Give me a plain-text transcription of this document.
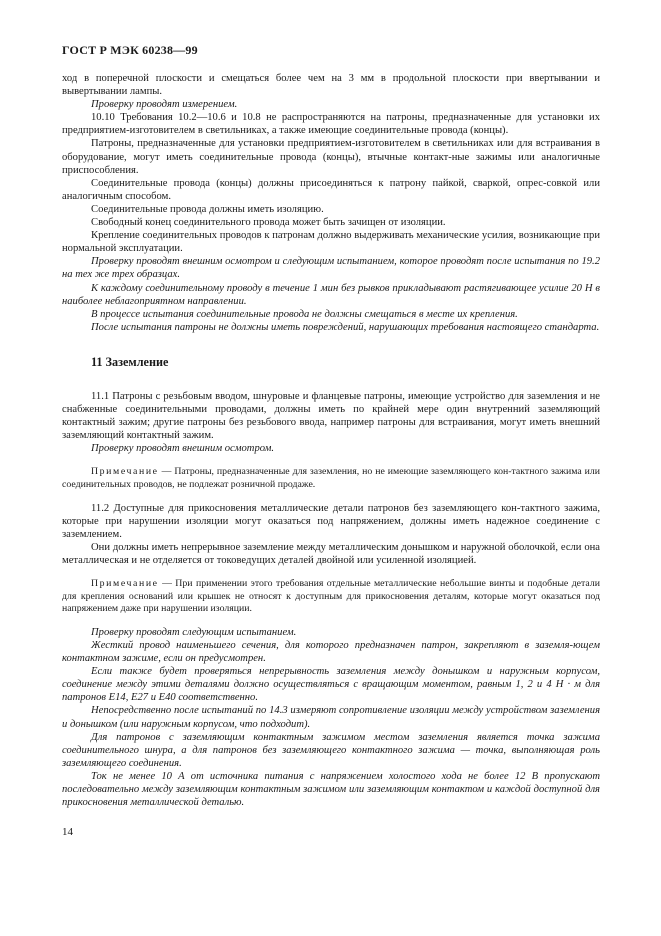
ГОСТ Р МЭК 60238—99

ход в поперечной плоскости и смещаться более чем на 3 мм в продольной плоскости при ввертывании и вывертывании лампы.

Проверку проводят измерением.

10.10 Требования 10.2—10.6 и 10.8 не распространяются на патроны, предназначенные для установки их предприятием-изготовителем в светильниках, а также имеющие соединительные провода (концы).

Патроны, предназначенные для установки предприятием-изготовителем в светильниках или для встраивания в оборудование, могут иметь соединительные провода (концы), втычные контакт-ные зажимы или аналогичные приспособления.

Соединительные провода (концы) должны присоединяться к патрону пайкой, сваркой, опрес-совкой или аналогичным способом.

Соединительные провода должны иметь изоляцию.

Свободный конец соединительного провода может быть зачищен от изоляции.

Крепление соединительных проводов к патронам должно выдерживать механические усилия, возникающие при нормальной эксплуатации.

Проверку проводят внешним осмотром и следующим испытанием, которое проводят после испытания по 19.2 на тех же трех образцах.

К каждому соединительному проводу в течение 1 мин без рывков прикладывают растягивающее усилие 20 Н в наиболее неблагоприятном направлении.

В процессе испытания соединительные провода не должны смещаться в месте их крепления.

После испытания патроны не должны иметь повреждений, нарушающих требования настоящего стандарта.

11 Заземление

11.1 Патроны с резьбовым вводом, шнуровые и фланцевые патроны, имеющие устройство для заземления и не снабженные соединительными проводами, должны иметь по крайней мере один внутренний заземляющий контактный зажим; другие патроны без резьбового ввода, например патроны для встраивания, могут иметь внешний заземляющий контактный зажим.

Проверку проводят внешним осмотром.

Примечание — Патроны, предназначенные для заземления, но не имеющие заземляющего кон-тактного зажима или соединительных проводов, не подлежат розничной продаже.

11.2 Доступные для прикосновения металлические детали патронов без заземляющего кон-тактного зажима, которые при нарушении изоляции могут оказаться под напряжением, должны иметь надежное соединение с заземлением.

Они должны иметь непрерывное заземление между металлическим донышком и наружной оболочкой, если она металлическая и не отделяется от токоведущих деталей двойной или усиленной изоляцией.

Примечание — При применении этого требования отдельные металлические небольшие винты и подобные детали для крепления оснований или крышек не относят к доступным для прикосновения деталям, которые могут оказаться под напряжением даже при нарушении изоляции.

Проверку проводят следующим испытанием.

Жесткий провод наименьшего сечения, для которого предназначен патрон, закрепляют в заземля-ющем контактном зажиме, если он предусмотрен.

Если также будет проверяться непрерывность заземления между донышком и наружным корпусом, соединение между этими деталями должно осуществляться с вращающим моментом, равным 1, 2 и 4 Н · м для патронов Е14, Е27 и Е40 соответственно.

Непосредственно после испытаний по 14.3 измеряют сопротивление изоляции между устройством заземления и донышком (или наружным корпусом, что подходит).

Для патронов с заземляющим контактным зажимом местом заземления является точка зажима соединительного шнура, а для патронов без заземляющего контактного зажима — точка, выполняющая роль заземляющего соединения.

Ток не менее 10 А от источника питания с напряжением холостого хода не более 12 В пропускают последовательно между заземляющим контактным зажимом или заземляющим контактом и каждой доступной для прикосновения металлической деталью.

14
